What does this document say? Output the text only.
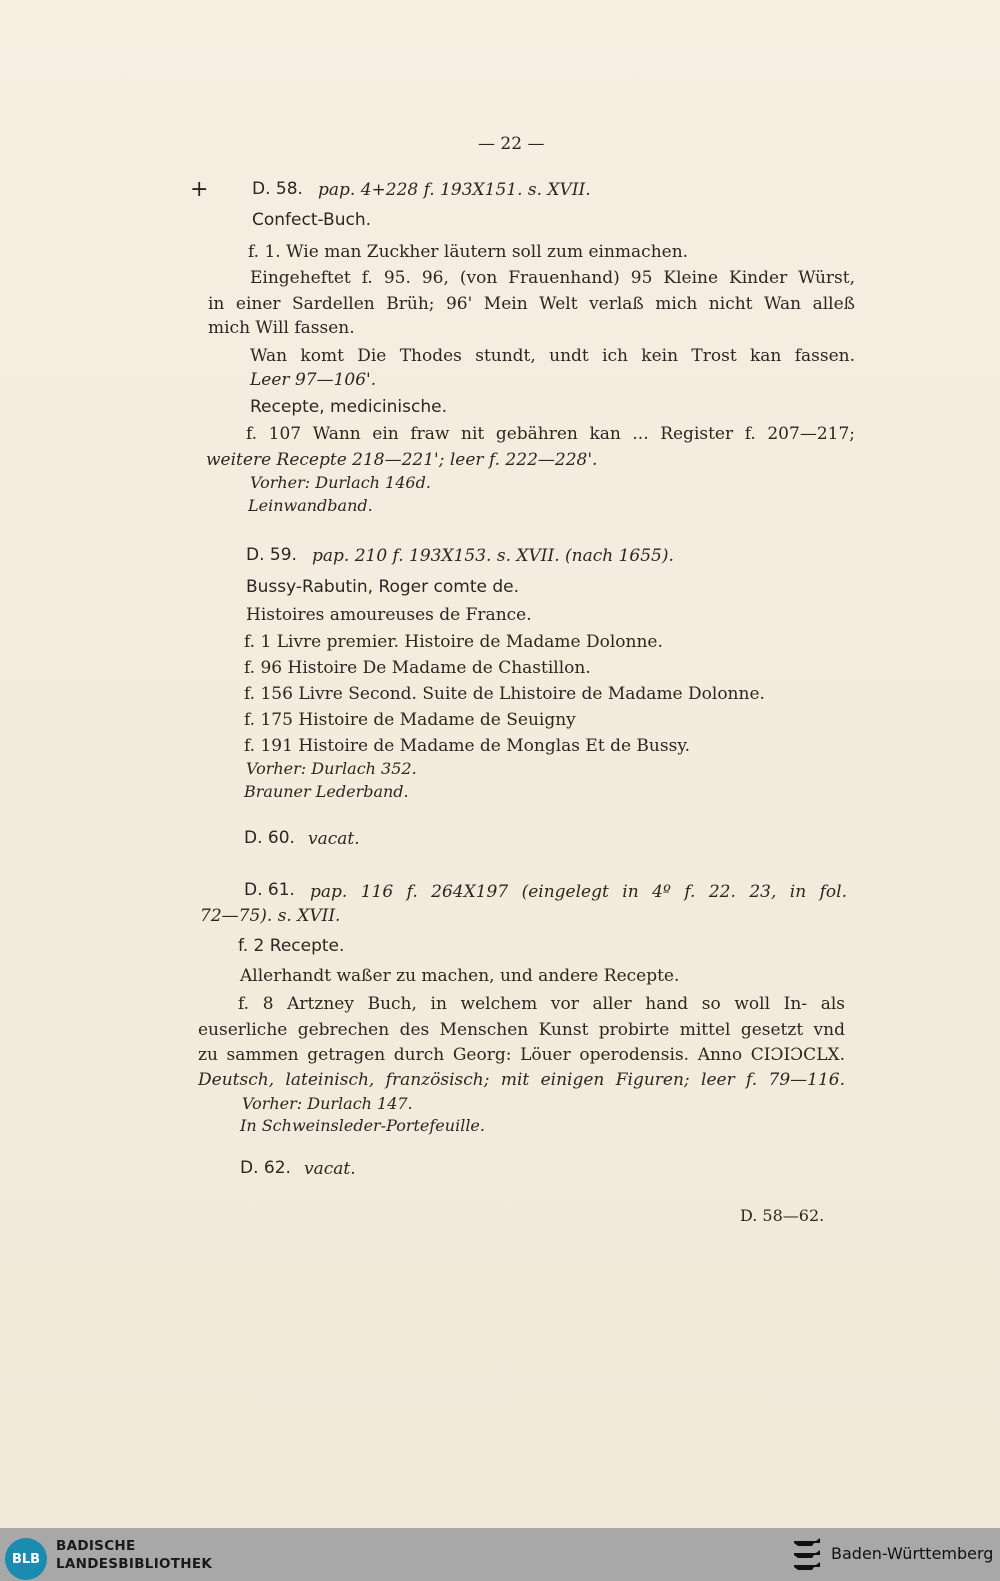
— 22 —
+	D. 58. pap. 4+228 f. 193X151. s. XVII.
Confect-Buch.
f. 1. Wie man Zuckher läutern soll zum einmachen.
Eingeheftet f. 95. 96, (von Frauenhand) 95 Kleine Kinder Würst,
in einer Sardellen Brüh; 96' Mein Welt verlaß mich nicht Wan alleß
mich Will fassen.
Wan komt Die Thodes stundt, undt ich kein Trost kan fassen.
Leer 97—106'.
Recepte, medicinische.
f. 107 Wann ein fraw nit gebähren kan ... Register f. 207—217;
weitere Recepte 218—221'; leer f. 222—228'.
Vorher: Durlach 146d.
Leinwandband.
D. 59. pap. 210 f. 193X153. s. XVII. (nach 1655).
Bussy-Rabutin, Roger comte de.
Histoires amoureuses de France.
f. 1 Livre premier. Histoire de Madame Dolonne.
f. 96 Histoire De Madame de Chastillon.
f. 156 Livre Second. Suite de Lhistoire de Madame Dolonne.
f. 175 Histoire de Madame de Seuigny
f. 191 Histoire de Madame de Monglas Et de Bussy.
Vorher: Durlach 352.
Brauner Lederband.
D. 60. vacat.
D. 61. pap. 116 f. 264X197 (eingelegt in 4º f. 22. 23, in fol.
72—75). s. XVII.
f. 2 Recepte.
Allerhandt waßer zu machen, und andere Recepte.
f. 8 Artzney Buch, in welchem vor aller hand so woll In- als
euserliche gebrechen des Menschen Kunst probirte mittel gesetzt vnd
zu sammen getragen durch Georg: Löuer operodensis. Anno CIƆIƆCLX.
Deutsch, lateinisch, französisch; mit einigen Figuren; leer f. 79—116.
Vorher: Durlach 147.
In Schweinsleder-Portefeuille.
D. 62. vacat.
D. 58—62.
BLB
BADISCHE
LANDESBIBLIOTHEK
Baden-Württemberg
